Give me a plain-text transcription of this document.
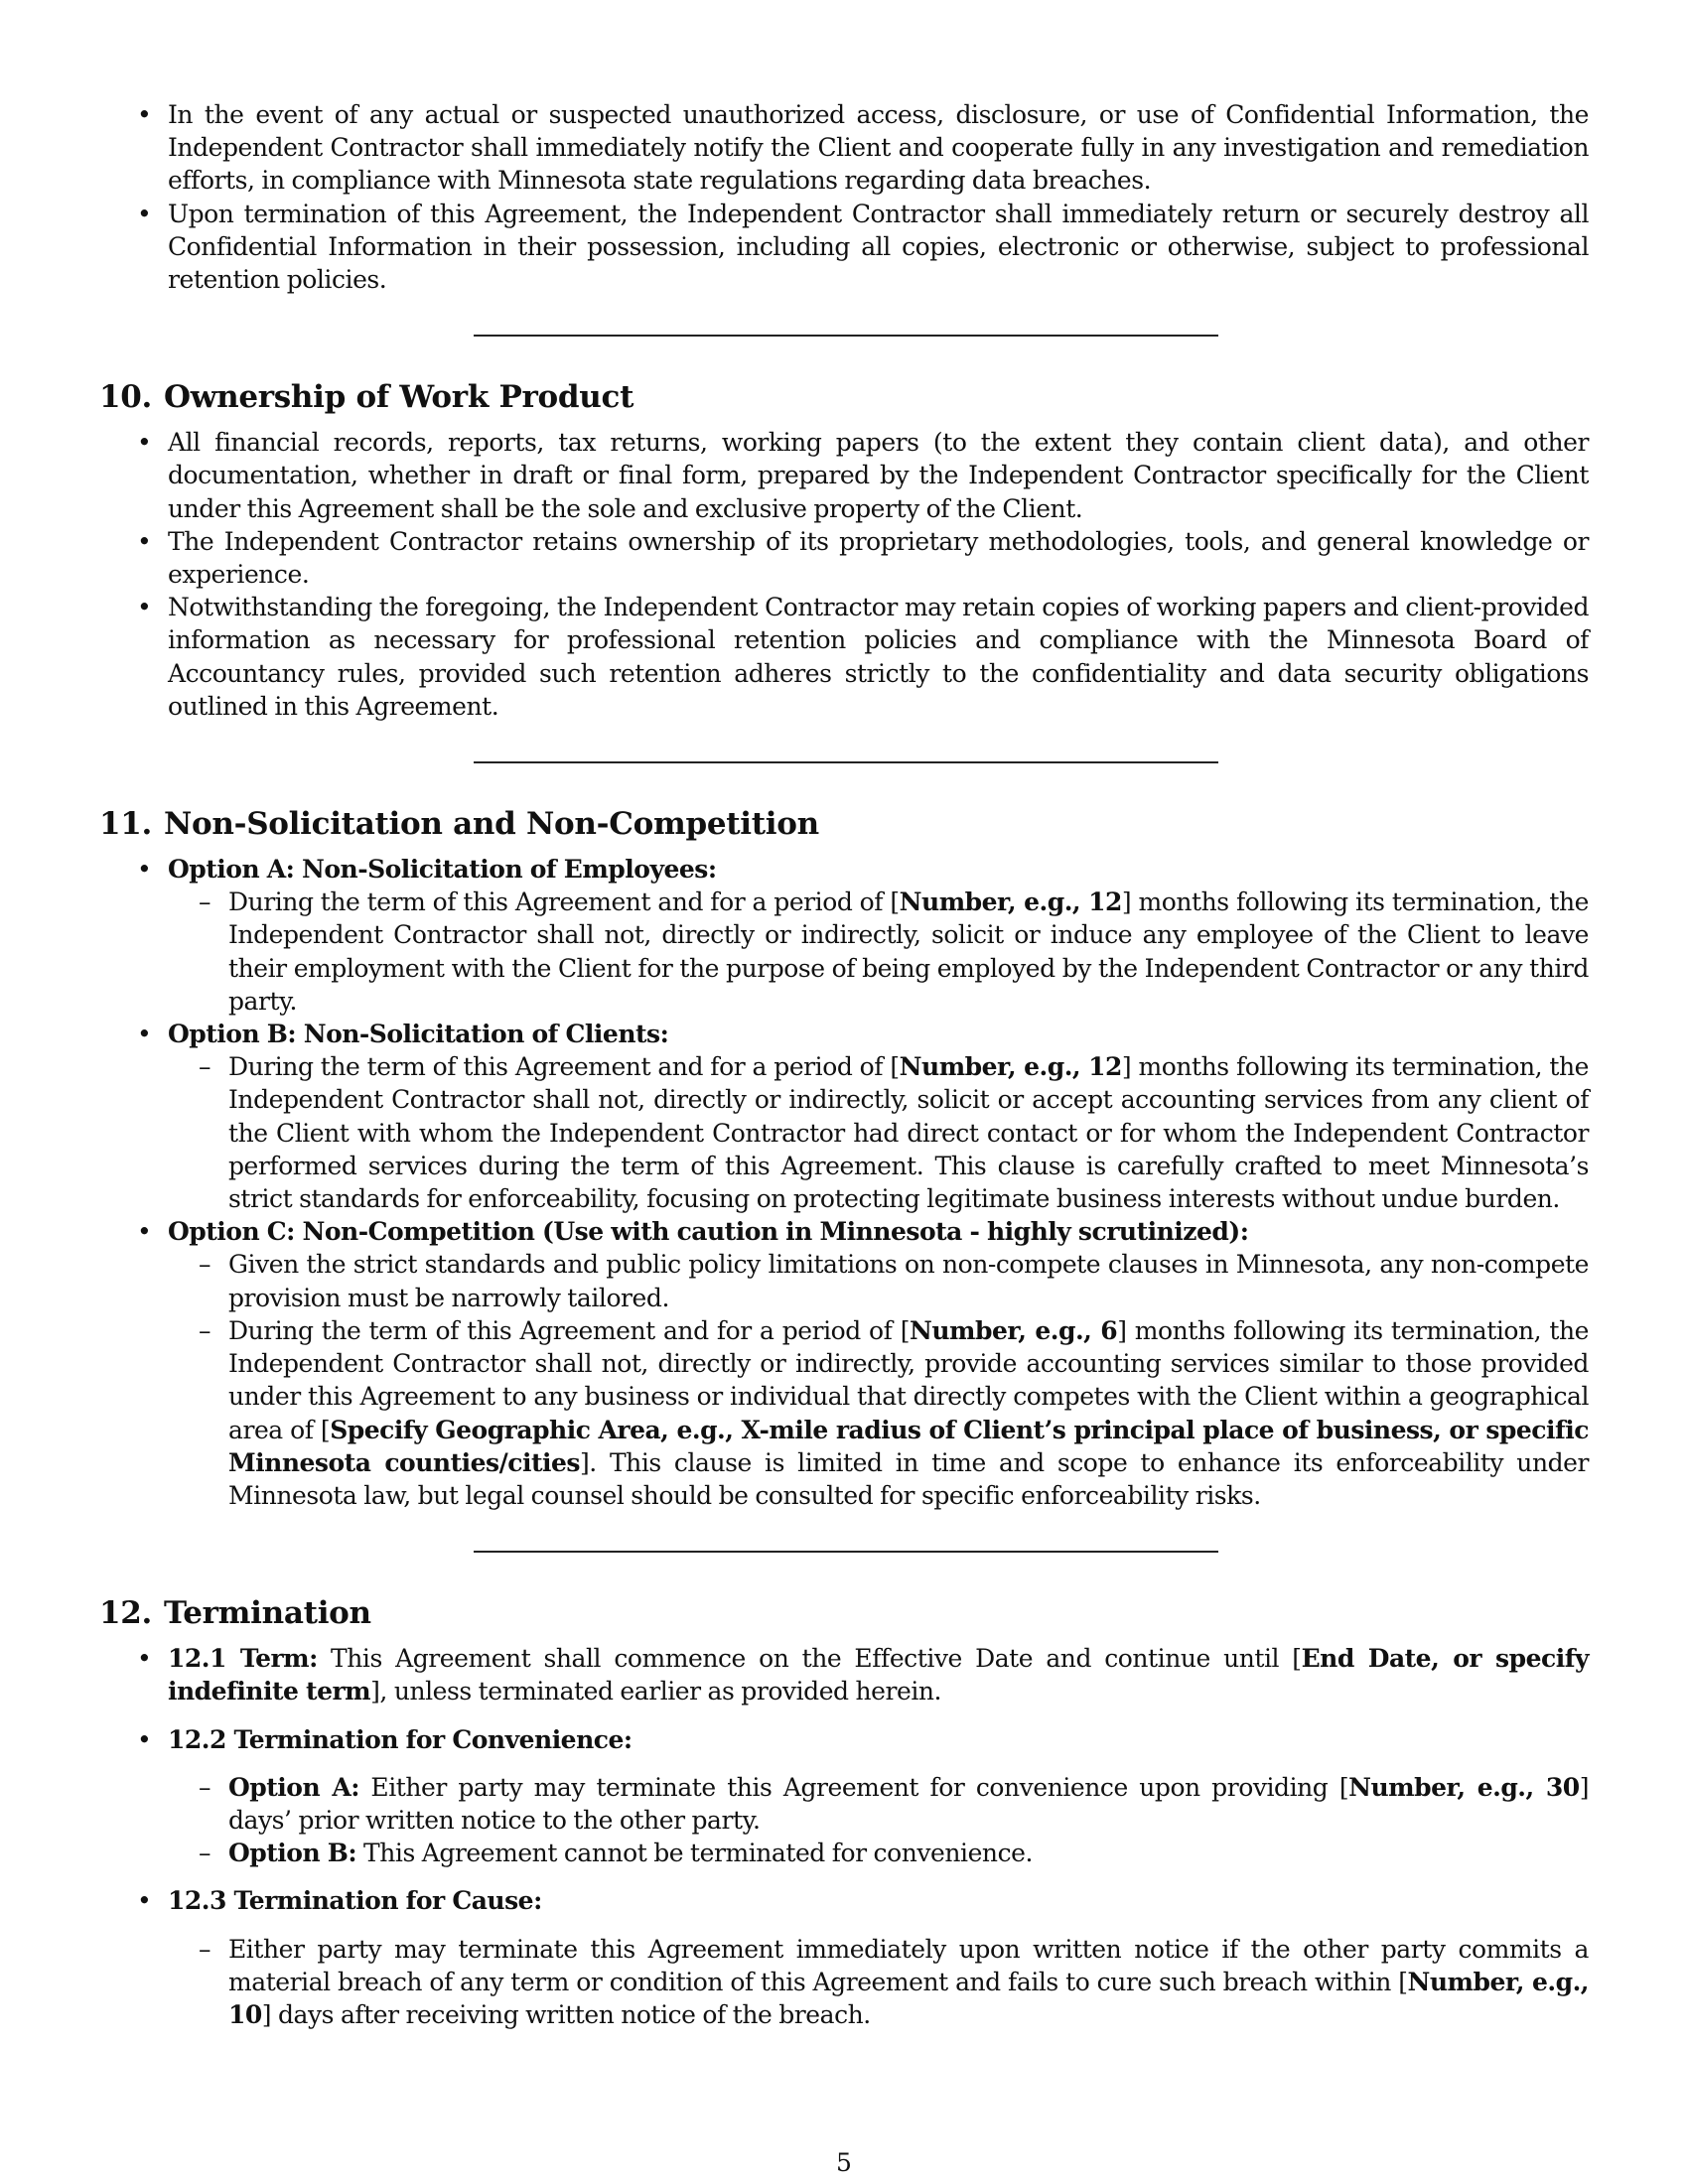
• In the event of any actual or suspected unauthorized access, disclosure, or use of Confidential Information, the Independent Contractor shall immediately notify the Client and cooperate fully in any investigation and remediation efforts, in compliance with Minnesota state regulations regarding data breaches.
• Upon termination of this Agreement, the Independent Contractor shall immediately return or securely destroy all Confidential Information in their possession, including all copies, electronic or otherwise, subject to professional retention policies.
10. Ownership of Work Product
• All financial records, reports, tax returns, working papers (to the extent they contain client data), and other documentation, whether in draft or final form, prepared by the Independent Contractor specifically for the Client under this Agreement shall be the sole and exclusive property of the Client.
• The Independent Contractor retains ownership of its proprietary methodologies, tools, and general knowledge or experience.
• Notwithstanding the foregoing, the Independent Contractor may retain copies of working papers and client-provided information as necessary for professional retention policies and compliance with the Minnesota Board of Accountancy rules, provided such retention adheres strictly to the confidentiality and data security obligations outlined in this Agreement.
11. Non-Solicitation and Non-Competition
• Option A: Non-Solicitation of Employees:
– During the term of this Agreement and for a period of [Number, e.g., 12] months following its termination, the Independent Contractor shall not, directly or indirectly, solicit or induce any employee of the Client to leave their employment with the Client for the purpose of being employed by the Independent Contractor or any third party.
• Option B: Non-Solicitation of Clients:
– During the term of this Agreement and for a period of [Number, e.g., 12] months following its termination, the Independent Contractor shall not, directly or indirectly, solicit or accept accounting services from any client of the Client with whom the Independent Contractor had direct contact or for whom the Independent Contractor performed services during the term of this Agreement. This clause is carefully crafted to meet Minnesota’s strict standards for enforceability, focusing on protecting legitimate business interests without undue burden.
• Option C: Non-Competition (Use with caution in Minnesota - highly scrutinized):
– Given the strict standards and public policy limitations on non-compete clauses in Minnesota, any non-compete provision must be narrowly tailored.
– During the term of this Agreement and for a period of [Number, e.g., 6] months following its termination, the Independent Contractor shall not, directly or indirectly, provide accounting services similar to those provided under this Agreement to any business or individual that directly competes with the Client within a geographical area of [Specify Geographic Area, e.g., X-mile radius of Client’s principal place of business, or specific Minnesota counties/cities]. This clause is limited in time and scope to enhance its enforceability under Minnesota law, but legal counsel should be consulted for specific enforceability risks.
12. Termination
• 12.1 Term: This Agreement shall commence on the Effective Date and continue until [End Date, or specify indefinite term], unless terminated earlier as provided herein.
• 12.2 Termination for Convenience:
– Option A: Either party may terminate this Agreement for convenience upon providing [Number, e.g., 30] days’ prior written notice to the other party.
– Option B: This Agreement cannot be terminated for convenience.
• 12.3 Termination for Cause:
– Either party may terminate this Agreement immediately upon written notice if the other party commits a material breach of any term or condition of this Agreement and fails to cure such breach within [Number, e.g., 10] days after receiving written notice of the breach.
5
